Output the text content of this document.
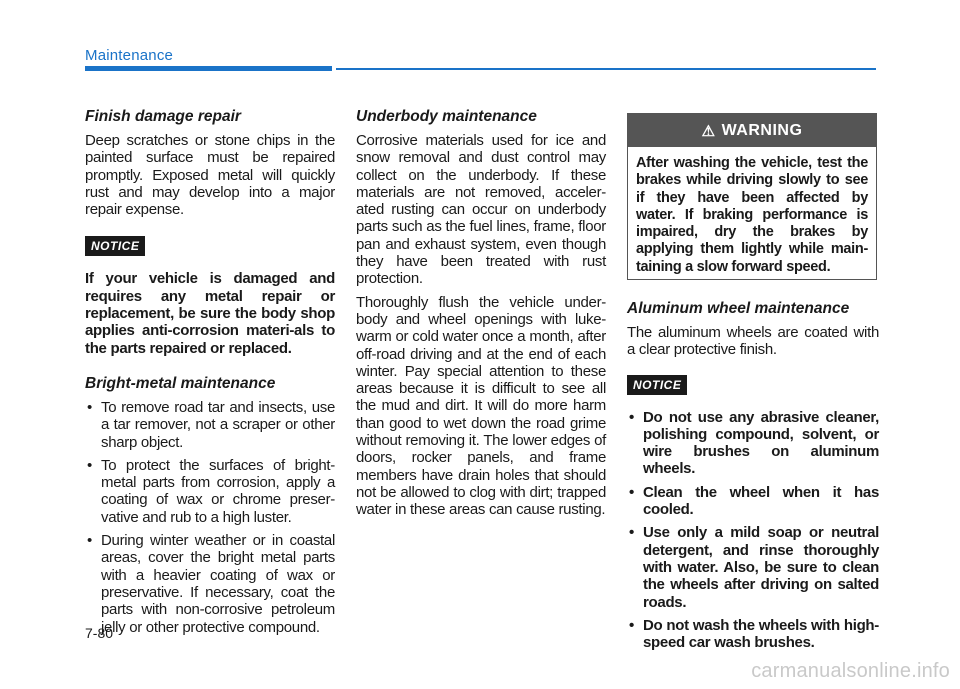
Maintenance
Finish damage repair

Deep scratches or stone chips in the painted surface must be repaired promptly. Exposed metal will quickly rust and may develop into a major repair expense.

NOTICE

If your vehicle is damaged and requires any metal repair or replacement, be sure the body shop applies anti-corrosion materi-als to the parts repaired or replaced.

Bright-metal maintenance
• To remove road tar and insects, use a tar remover, not a scraper or other sharp object.
• To protect the surfaces of bright-metal parts from corrosion, apply a coating of wax or chrome preser-vative and rub to a high luster.
• During winter weather or in coastal areas, cover the bright metal parts with a heavier coating of wax or preservative. If necessary, coat the parts with non-corrosive petroleum jelly or other protective compound.
Underbody maintenance

Corrosive materials used for ice and snow removal and dust control may collect on the underbody. If these materials are not removed, acceler-ated rusting can occur on underbody parts such as the fuel lines, frame, floor pan and exhaust system, even though they have been treated with rust protection.

Thoroughly flush the vehicle under-body and wheel openings with luke-warm or cold water once a month, after off-road driving and at the end of each winter. Pay special attention to these areas because it is difficult to see all the mud and dirt. It will do more harm than good to wet down the road grime without removing it. The lower edges of doors, rocker panels, and frame members have drain holes that should not be allowed to clog with dirt; trapped water in these areas can cause rusting.

⚠ WARNING
After washing the vehicle, test the brakes while driving slowly to see if they have been affected by water. If braking performance is impaired, dry the brakes by applying them lightly while main-taining a slow forward speed.
Aluminum wheel maintenance

The aluminum wheels are coated with a clear protective finish.

NOTICE
• Do not use any abrasive cleaner, polishing compound, solvent, or wire brushes on aluminum wheels.
• Clean the wheel when it has cooled.
• Use only a mild soap or neutral detergent, and rinse thoroughly with water. Also, be sure to clean the wheels after driving on salted roads.
• Do not wash the wheels with high-speed car wash brushes.
7-80
carmanualsonline.info
